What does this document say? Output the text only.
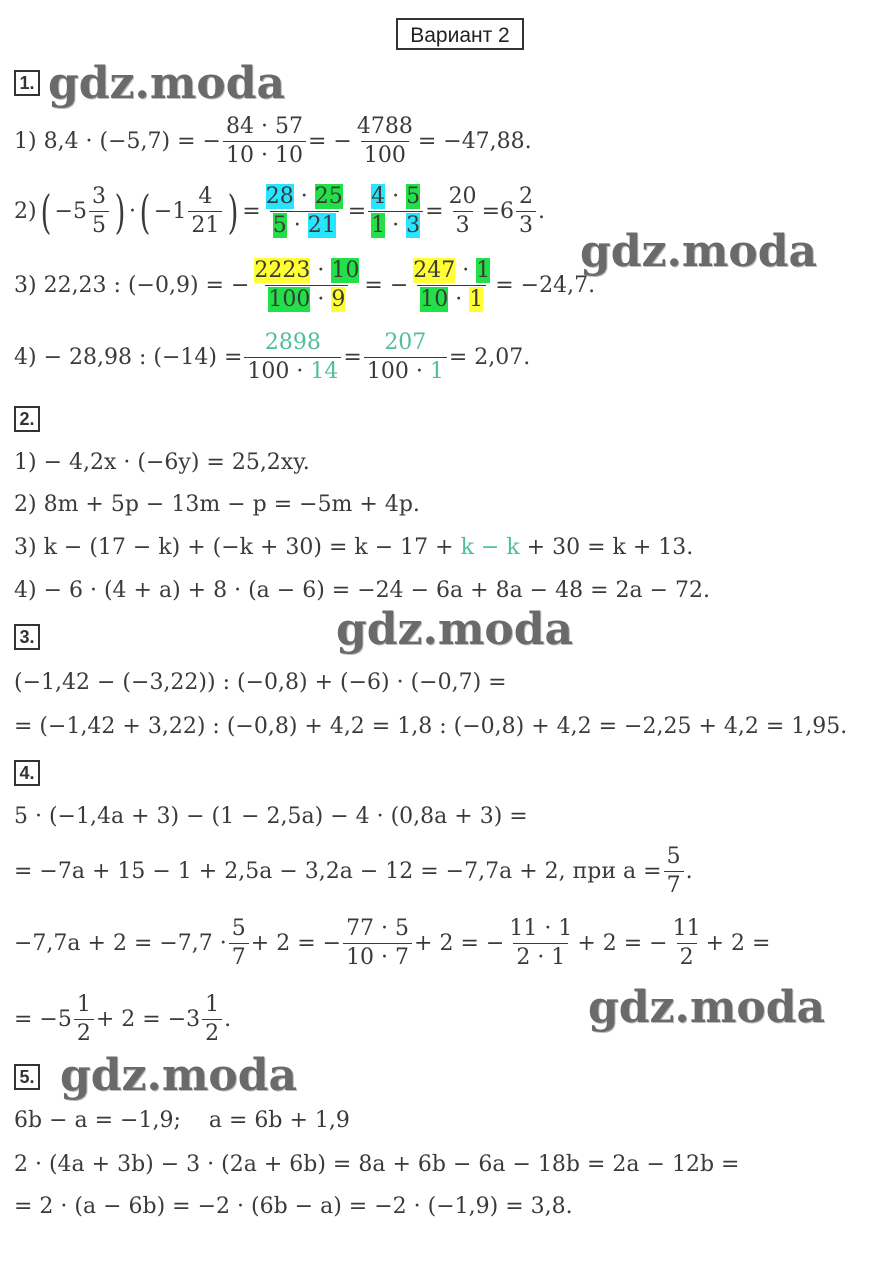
Вариант 2
gdz.moda
gdz.moda
gdz.moda
gdz.moda
gdz.moda
1.
1) 8,4 · (−5,7) = − $\frac{84 \cdot 57}{10 \cdot 10}$ = − $\frac{4788}{100} = -47,88$.
2) ( $-5 \frac{3}{5}$ ) · ( $-1 \frac{4}{21}$ ) = $\frac{28 \cdot 25}{5 \cdot 21} = \frac{4 \cdot 5}{1 \cdot 3} = \frac{20}{3} = 6 \frac{2}{3}$ .
3) 22,23 : (−0,9) = − $\frac{2223 \cdot 10}{100 \cdot 9}$ = − $\frac{247 \cdot 1}{10 \cdot 1} = -24,7$.
4) − 28,98 : $(-14) = \frac{2898}{100 \cdot 14} = \frac{207}{100 \cdot 1} = 2,07$.
2.
1) − 4,2x · (−6y) = 25,2xy.
2) 8m + 5p − 13m − p = −5m + 4p.
3) k − (17 − k) + (−k + 30) = k − 17 + k − k + 30 = k + 13.
4) − 6 · (4 + a) + 8 · (a − 6) = −24 − 6a + 8a − 48 = 2a − 72.
3.
(−1,42 − (−3,22)) : (−0,8) + (−6) · (−0,7) =
= (−1,42 + 3,22) : (−0,8) + 4,2 = 1,8 : (−0,8) + 4,2 = −2,25 + 4,2 = 1,95.
4.
5 · (−1,4a + 3) − (1 − 2,5a) − 4 · (0,8a + 3) =
= −7a + 15 − 1 + 2,5a − 3,2a − 12 = −7,7a + 2, при $a = \frac{5}{7}$ .
$-7,7a + 2 = -7,7 \cdot \frac{5}{7} + 2$ = − $\frac{77 \cdot 5}{10 \cdot 7} + 2$ = − $\frac{11 \cdot 1}{2 \cdot 1} + 2$ = − $\frac{11}{2} + 2$ =
= $-5 \frac{1}{2} + 2 = -3 \frac{1}{2}$ .
5.
6b − a = −1,9;    a = 6b + 1,9
2 · (4a + 3b) − 3 · (2a + 6b) = 8a + 6b − 6a − 18b = 2a − 12b =
= 2 · (a − 6b) = −2 · (6b − a) = −2 · (−1,9) = 3,8.
